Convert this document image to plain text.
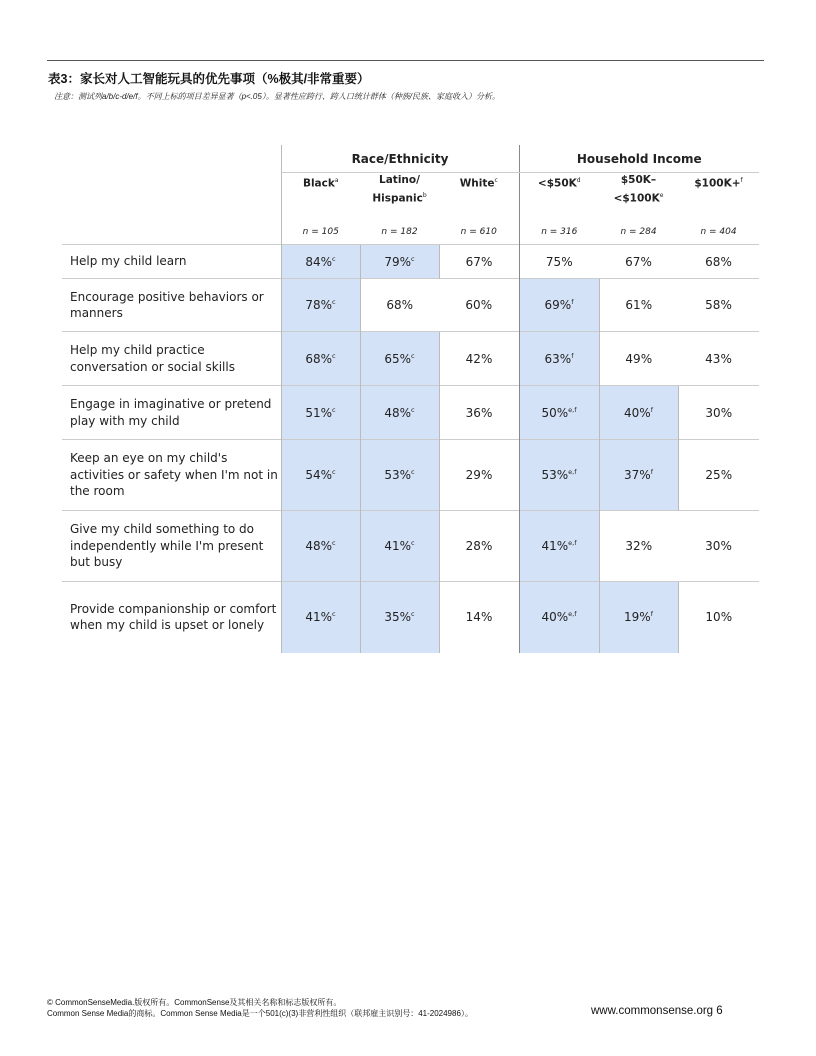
表3：家长对人工智能玩具的优先事项（%极其/非常重要）
注意：测试列a/b/c-d/e/f。不同上标的项目差异显著（p<.05）。显著性应跨行、跨人口统计群体（种族/民族、家庭收入）分析。
	Race/Ethnicity			Household Income		
	Black$^a$	Latino/
Hispanic$^b$	White$^c$	$<\$50K^d$	$50K–
$<\$100K^e$	$100K+$^f$
	n = 105	n = 182	n = 610	n = 316	n = 284	n = 404
Help my child learn	84%$^c$	79%$^c$	67%	75%	67%	68%
Encourage positive behaviors or manners	78%$^c$	68%	60%	69%$^f$	61%	58%
Help my child practice conversation or social skills	68%$^c$	65%$^c$	42%	63%$^f$	49%	43%
Engage in imaginative or pretend play with my child	51%$^c$	48%$^c$	36%	50%$^{e,f}$	40%$^f$	30%
Keep an eye on my child's activities or safety when I'm not in the room	54%$^c$	53%$^c$	29%	53%$^{e,f}$	37%$^f$	25%
Give my child something to do independently while I'm present but busy	48%$^c$	41%$^c$	28%	41%$^{e,f}$	32%	30%
Provide companionship or comfort when my child is upset or lonely	41%$^c$	35%$^c$	14%	40%$^{e,f}$	19%$^f$	10%
© CommonSenseMedia.版权所有。CommonSense及其相关名称和标志版权所有。
Common Sense Media的商标。Common Sense Media是一个501(c)(3)非营利性组织（联邦雇主识别号：41-2024986）。	www.commonsense.org 6
